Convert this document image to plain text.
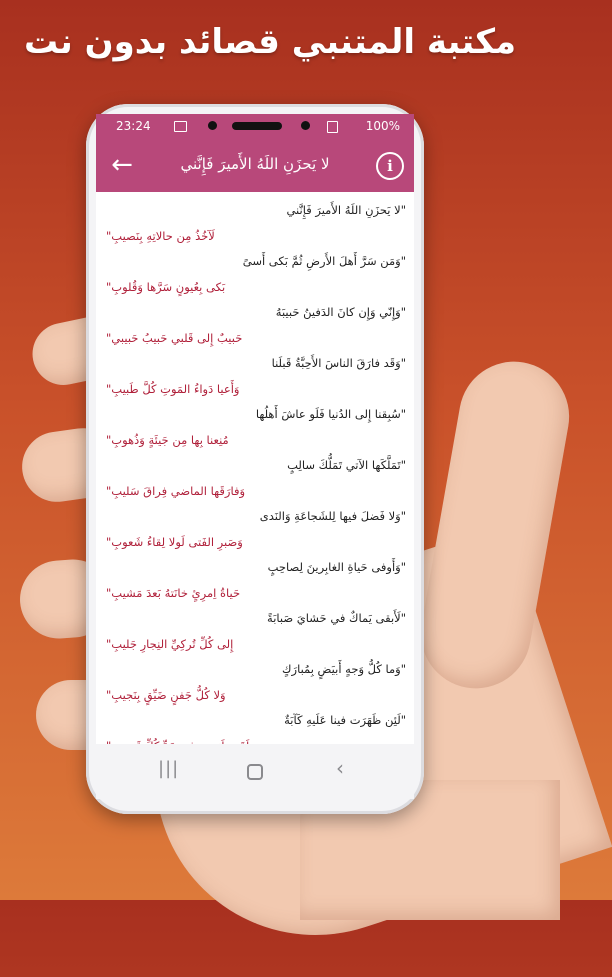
مكتبة المتنبي قصائد بدون نت
23:24	100%
←	لا يَحزَنِ اللَهُ الأَميرَ فَإِنَّني	i
"لا يَحزَنِ اللَهُ الأَميرَ فَإِنَّني
لَآخُذُ مِن حالاتِهِ بِنَصيبِ"
"وَمَن سَرَّ أَهلَ الأَرضِ ثُمَّ بَكى أَسىً
بَكى بِعُيونٍ سَرَّها وَقُلوبِ"
"وَإِنّي وَإِن كانَ الدَفينُ حَبيبَهُ
حَبيبٌ إِلى قَلبي حَبيبُ حَبيبي"
"وَقَد فارَقَ الناسَ الأَحِبَّةُ قَبلَنا
وَأَعيا دَواءُ المَوتِ كُلَّ طَبيبِ"
"سُبِقنا إِلى الدُنيا فَلَو عاشَ أَهلُها
مُنِعنا بِها مِن جَيئَةٍ وَذُهوبِ"
"تَمَلَّكَها الآتي تَمَلُّكَ سالِبٍ
وَفارَقَها الماضي فِراقَ سَليبِ"
"وَلا فَضلَ فيها لِلشَجاعَةِ وَالنَدى
وَصَبرِ الفَتى لَولا لِقاءُ شَعوبِ"
"وَأَوفى حَياةِ الغابِرينَ لِصاحِبٍ
حَياةُ اِمرِئٍ خانَتهُ بَعدَ مَشيبِ"
"لَأَبقى يَماكٌ في حَشايَ صَبابَةً
إِلى كُلِّ تُركِيِّ النِجارِ جَليبِ"
"وَما كُلُّ وَجهٍ أَبيَضٍ بِمُبارَكٍ
وَلا كُلُّ جَفنٍ ضَيِّقٍ بِنَجيبِ"
"لَئِن ظَهَرَت فينا عَلَيهِ كَآبَةٌ
|||	‹
